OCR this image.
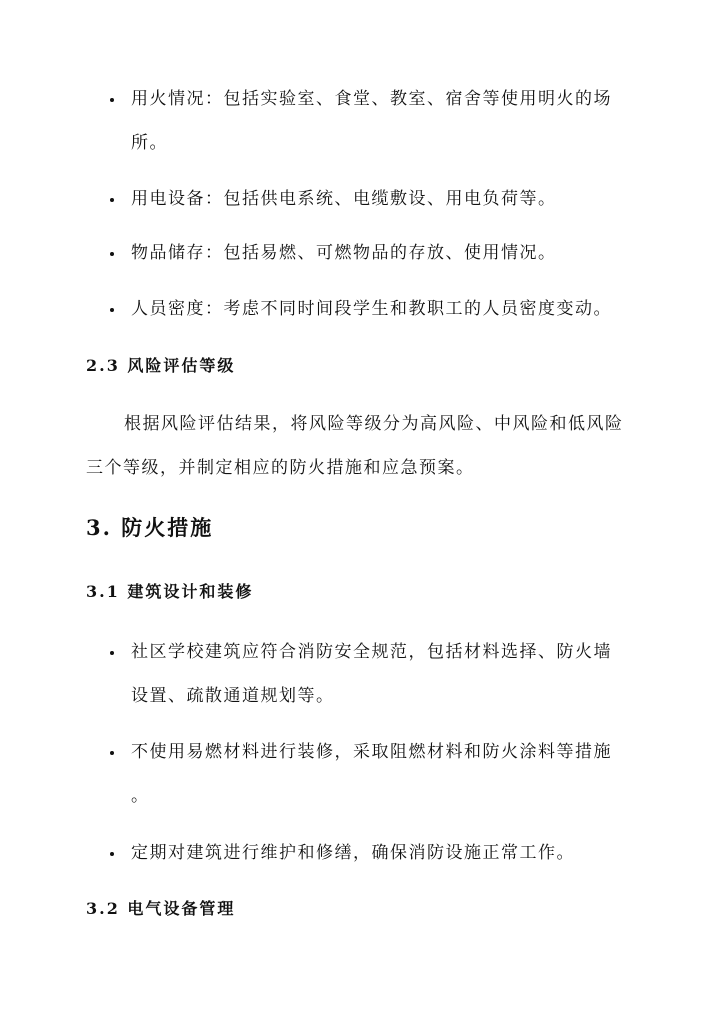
用火情况：包括实验室、食堂、教室、宿舍等使用明火的场
所。
用电设备：包括供电系统、电缆敷设、用电负荷等。
物品储存：包括易燃、可燃物品的存放、使用情况。
人员密度：考虑不同时间段学生和教职工的人员密度变动。
2.3 风险评估等级
根据风险评估结果，将风险等级分为高风险、中风险和低风险
三个等级，并制定相应的防火措施和应急预案。
3. 防火措施
3.1 建筑设计和装修
社区学校建筑应符合消防安全规范，包括材料选择、防火墙
设置、疏散通道规划等。
不使用易燃材料进行装修，采取阻燃材料和防火涂料等措施
。
定期对建筑进行维护和修缮，确保消防设施正常工作。
3.2 电气设备管理
